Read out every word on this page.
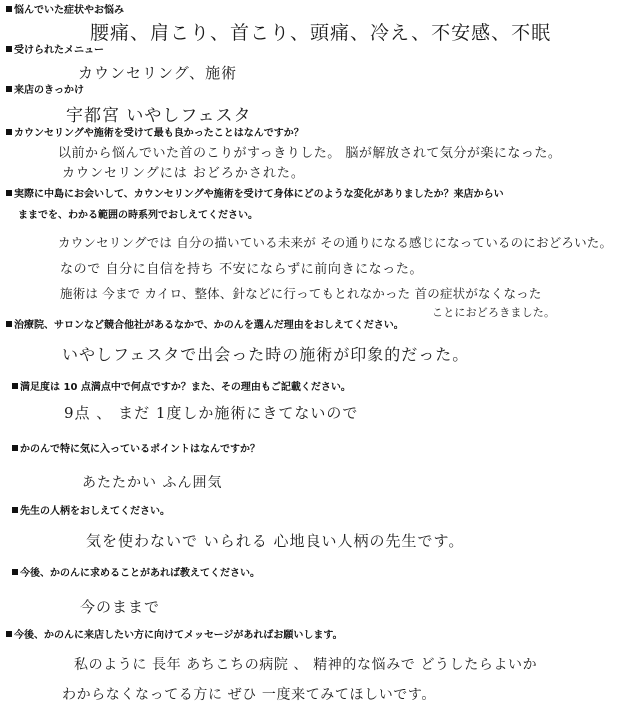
悩んでいた症状やお悩み
腰痛、肩こり、首こり、頭痛、冷え、不安感、不眠
受けられたメニュー
カウンセリング、施術
来店のきっかけ
宇都宮 いやしフェスタ
カウンセリングや施術を受けて最も良かったことはなんですか？
以前から悩んでいた首のこりがすっきりした。 脳が解放されて気分が楽になった。
カウンセリングには おどろかされた。
実際に中島にお会いして、カウンセリングや施術を受けて身体にどのような変化がありましたか？来店からい
ままでを、わかる範囲の時系列でおしえてください。
カウンセリングでは 自分の描いている未来が その通りになる感じになっているのにおどろいた。
なので 自分に自信を持ち 不安にならずに前向きになった。
施術は 今まで カイロ、整体、針などに行ってもとれなかった 首の症状がなくなった
ことにおどろきました。
治療院、サロンなど競合他社があるなかで、かのんを選んだ理由をおしえてください。
いやしフェスタで出会った時の施術が印象的だった。
満足度は 10 点満点中で何点ですか？また、その理由もご記載ください。
9点 、 まだ 1度しか施術にきてないので
かのんで特に気に入っているポイントはなんですか？
あたたかい ふん囲気
先生の人柄をおしえてください。
気を使わないで いられる 心地良い人柄の先生です。
今後、かのんに求めることがあれば教えてください。
今のままで
今後、かのんに来店したい方に向けてメッセージがあればお願いします。
私のように 長年 あちこちの病院 、 精神的な悩みで どうしたらよいか
わからなくなってる方に ぜひ 一度来てみてほしいです。
